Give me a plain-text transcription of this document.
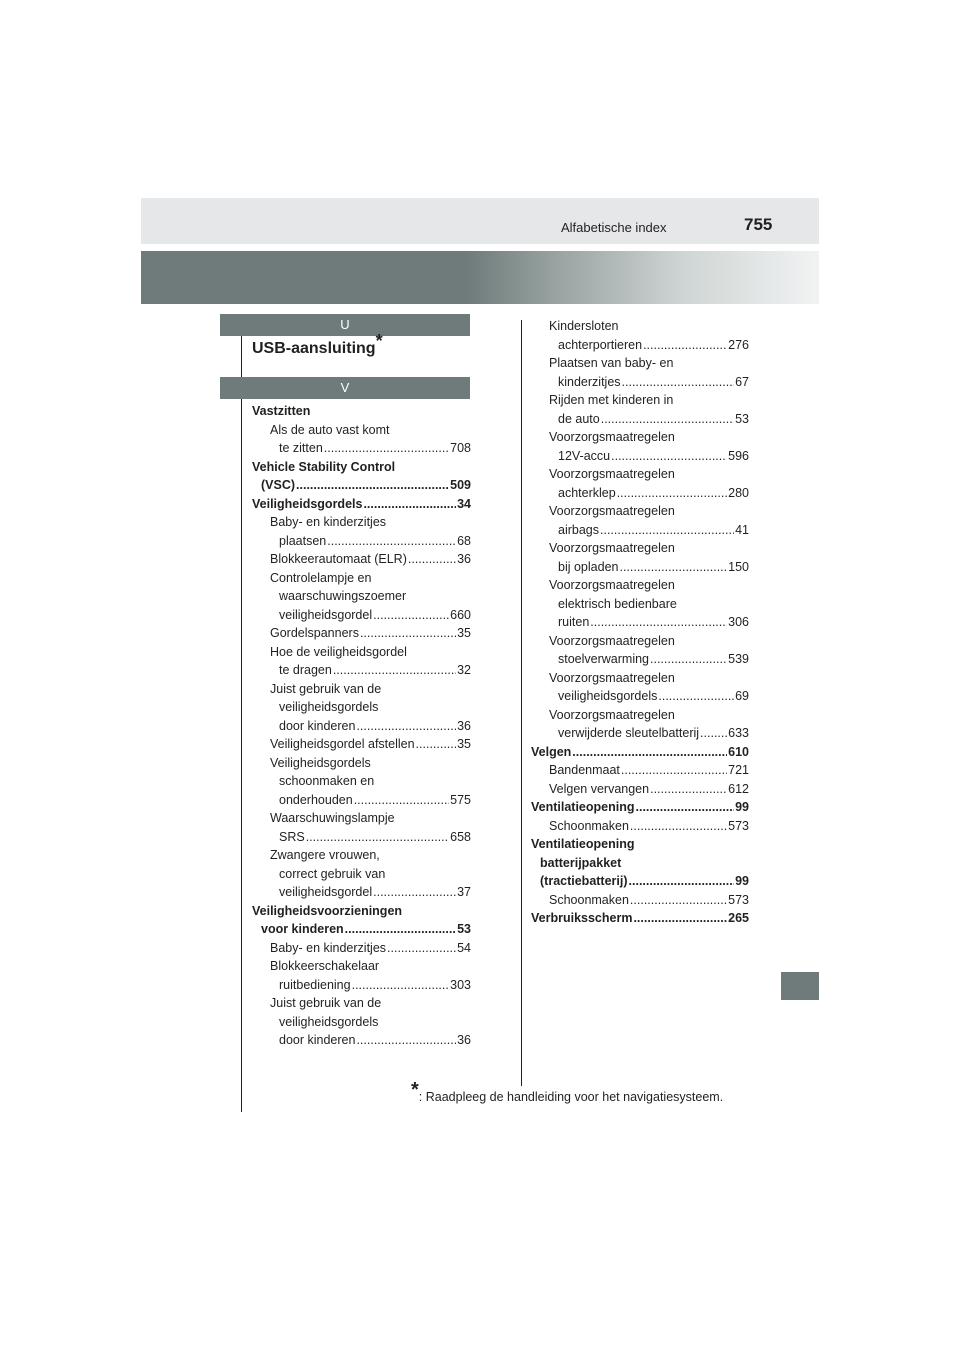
Alfabetische index	755
U
USB-aansluiting*
V
Vastzitten
Als de auto vast komt
te zitten .....	708
Vehicle Stability Control
(VSC) .....	509
Veiligheidsgordels .....	34
Baby- en kinderzitjes
plaatsen .....	68
Blokkeerautomaat (ELR) .....	36
Controlelampje en
waarschuwingszoemer
veiligheidsgordel .....	660
Gordelspanners .....	35
Hoe de veiligheidsgordel
te dragen .....	32
Juist gebruik van de
veiligheidsgordels
door kinderen .....	36
Veiligheidsgordel afstellen .....	35
Veiligheidsgordels
schoonmaken en
onderhouden .....	575
Waarschuwingslampje
SRS .....	658
Zwangere vrouwen,
correct gebruik van
veiligheidsgordel .....	37
Veiligheidsvoorzieningen
voor kinderen .....	53
Baby- en kinderzitjes .....	54
Blokkeerschakelaar
ruitbediening .....	303
Juist gebruik van de
veiligheidsgordels
door kinderen .....	36
Kindersloten
achterportieren .....	276
Plaatsen van baby- en
kinderzitjes .....	67
Rijden met kinderen in
de auto .....	53
Voorzorgsmaatregelen
12V-accu .....	596
Voorzorgsmaatregelen
achterklep .....	280
Voorzorgsmaatregelen
airbags .....	41
Voorzorgsmaatregelen
bij opladen .....	150
Voorzorgsmaatregelen
elektrisch bedienbare
ruiten .....	306
Voorzorgsmaatregelen
stoelverwarming .....	539
Voorzorgsmaatregelen
veiligheidsgordels .....	69
Voorzorgsmaatregelen
verwijderde sleutelbatterij ..... 633
Velgen .....	610
Bandenmaat .....	721
Velgen vervangen .....	612
Ventilatieopening .....	99
Schoonmaken .....	573
Ventilatieopening
batterijpakket
(tractiebatterij) .....	99
Schoonmaken .....	573
Verbruiksscherm .....	265
*: Raadpleeg de handleiding voor het navigatiesysteem.
